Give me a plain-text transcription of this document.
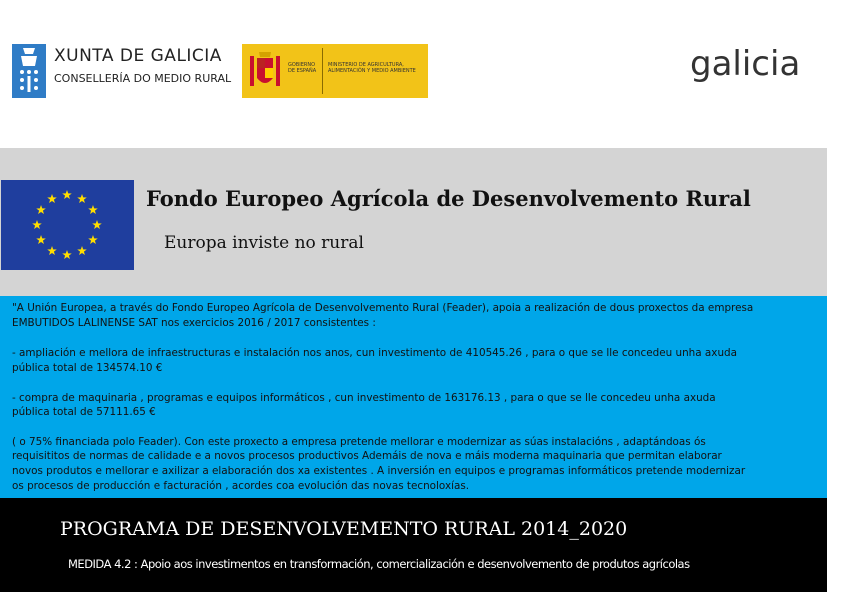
XUNTA DE GALICIA
CONSELLERÍA DO MEDIO RURAL
GOBIERNO DE ESPAÑA
MINISTERIO DE AGRICULTURA, ALIMENTACIÓN Y MEDIO AMBIENTE	galicia
Fondo Europeo Agrícola de Desenvolvemento Rural
Europa inviste no rural
"A Unión Europea, a través do Fondo Europeo Agrícola de Desenvolvemento Rural (Feader), apoia a realización de dous proxectos da empresa
EMBUTIDOS LALINENSE SAT nos exercicios 2016 / 2017 consistentes :
- ampliación e mellora de infraestructuras e instalación nos anos, cun investimento de 410545.26 , para o que se lle concedeu unha axuda
pública total de 134574.10 €
- compra de maquinaria , programas e equipos informáticos , cun investimento de 163176.13 , para o que se lle concedeu unha axuda
pública total de 57111.65 €
( o 75% financiada polo Feader). Con este proxecto a empresa pretende mellorar e modernizar as súas instalacións , adaptándoas ós
requisititos de normas de calidade e a novos procesos productivos Ademáis de nova e máis moderna maquinaria que permitan elaborar
novos produtos e mellorar e axilizar a elaboración dos xa existentes . A inversión en equipos e programas informáticos pretende modernizar
os procesos de producción e facturación , acordes coa evolución das novas tecnoloxías.
PROGRAMA DE DESENVOLVEMENTO RURAL 2014_2020
MEDIDA 4.2 : Apoio aos investimentos en transformación, comercialización e desenvolvemento de produtos agrícolas
